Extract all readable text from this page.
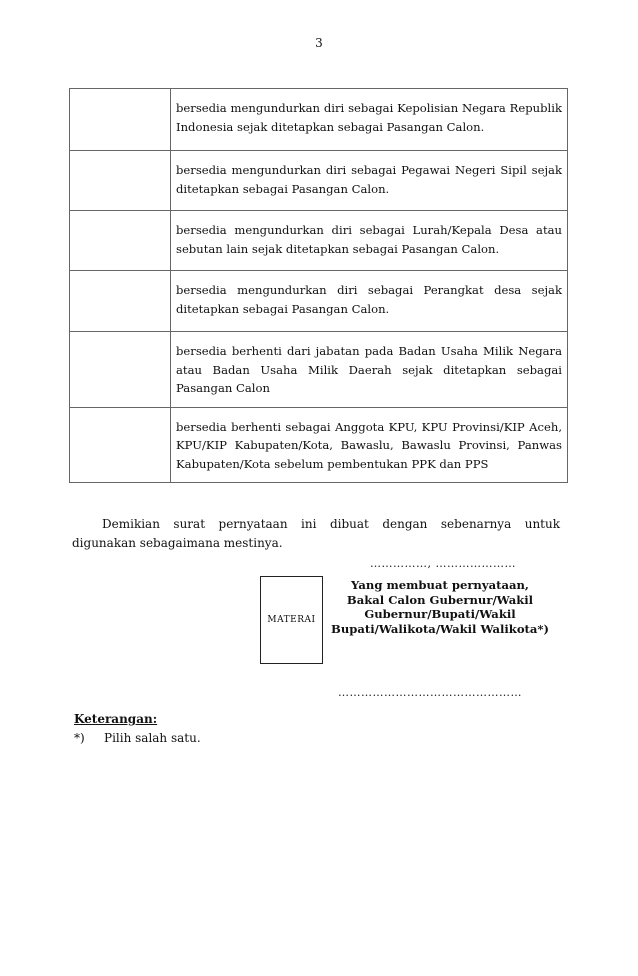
3
	bersedia mengundurkan diri sebagai Kepolisian Negara Republik Indonesia sejak ditetapkan sebagai Pasangan Calon.
	bersedia mengundurkan diri sebagai Pegawai Negeri Sipil sejak ditetapkan sebagai Pasangan Calon.
	bersedia mengundurkan diri sebagai Lurah/Kepala Desa atau sebutan lain sejak ditetapkan sebagai Pasangan Calon.
	bersedia mengundurkan diri sebagai Perangkat desa sejak ditetapkan sebagai Pasangan Calon.
	bersedia berhenti dari jabatan pada Badan Usaha Milik Negara atau Badan Usaha Milik Daerah sejak ditetapkan sebagai Pasangan Calon
	bersedia berhenti sebagai Anggota KPU, KPU Provinsi/KIP Aceh, KPU/KIP Kabupaten/Kota, Bawaslu, Bawaslu Provinsi, Panwas Kabupaten/Kota sebelum pembentukan PPK dan PPS
Demikian surat pernyataan ini dibuat dengan sebenarnya untuk digunakan sebagaimana mestinya.
……………, …………………
MATERAI
Yang membuat pernyataan,
Bakal Calon Gubernur/Wakil
Gubernur/Bupati/Wakil
Bupati/Walikota/Wakil Walikota*)
…………………………………………
Keterangan:
*) Pilih salah satu.
